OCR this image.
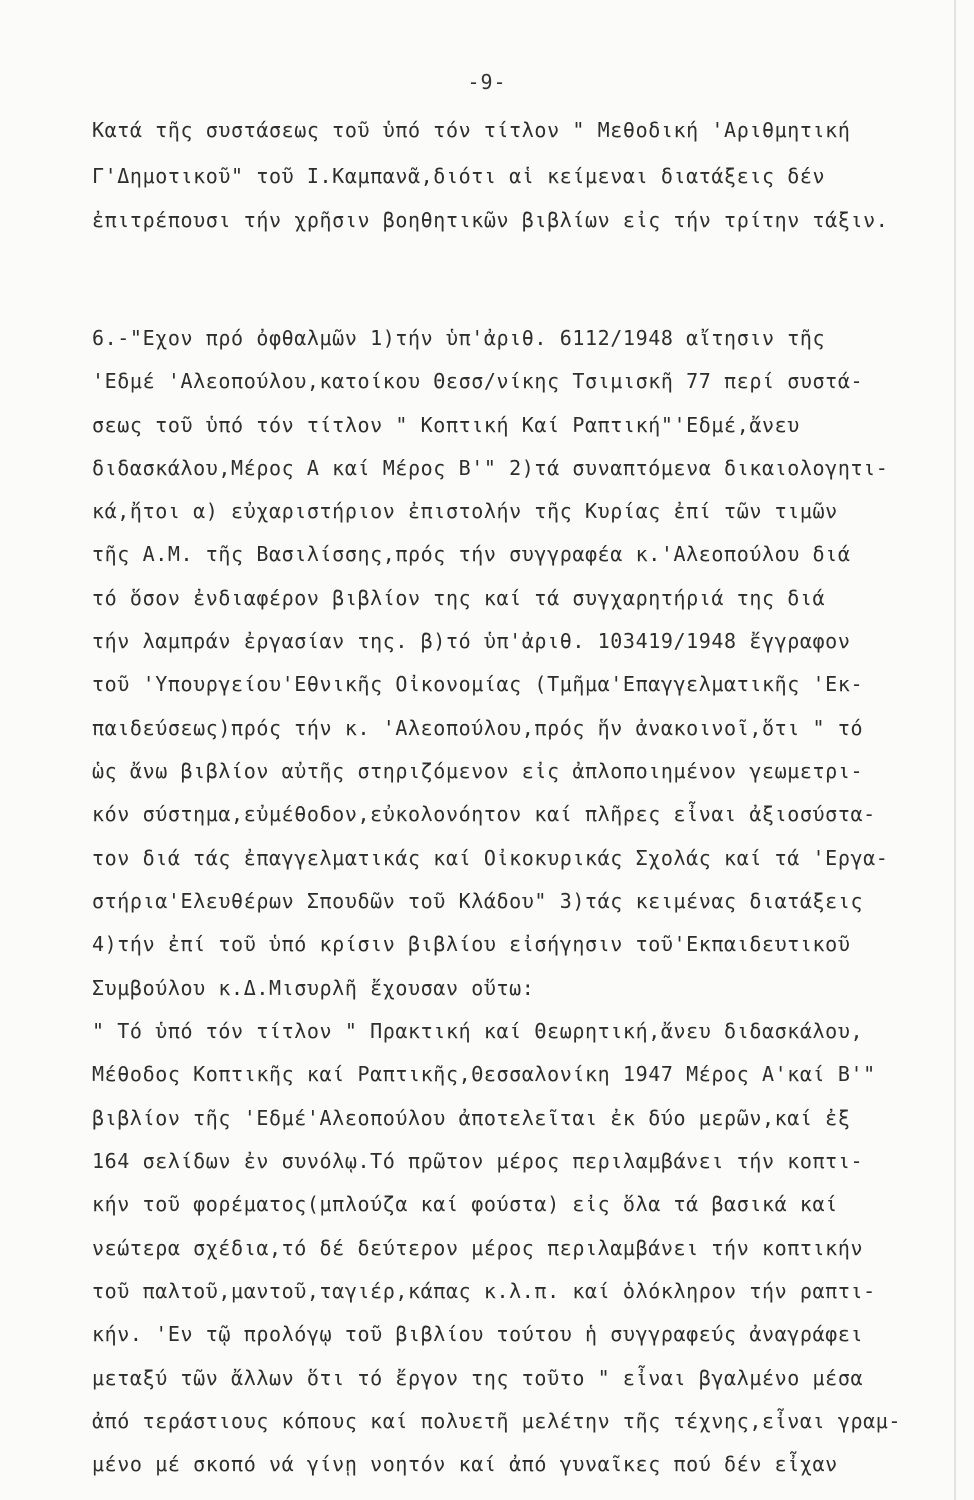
-9-
Κατά τῆς συστάσεως τοῦ ὑπό τόν τίτλον " Μεθοδική 'Αριθμητική
Γ'Δημοτικοῦ" τοῦ Ι.Καμπανᾶ,διότι αἱ κείμεναι διατάξεις δέν
ἐπιτρέπουσι τήν χρῆσιν βοηθητικῶν βιβλίων εἰς τήν τρίτην τάξιν.
6.-"Εχον πρό ὀφθαλμῶν 1)τήν ὑπ'ἀριθ. 6112/1948 αἴτησιν τῆς
'Εδμέ 'Αλεοπούλου,κατοίκου Θεσσ/νίκης Τσιμισκῆ 77 περί συστά-
σεως τοῦ ὑπό τόν τίτλον " Κοπτική Καί Ραπτική"'Εδμέ,ἄνευ
διδασκάλου,Μέρος Α καί Μέρος Β'" 2)τά συναπτόμενα δικαιολογητι-
κά,ἤτοι α) εὐχαριστήριον ἐπιστολήν τῆς Κυρίας ἐπί τῶν τιμῶν
τῆς Α.Μ. τῆς Βασιλίσσης,πρός τήν συγγραφέα κ.'Αλεοπούλου διά
τό ὅσον ἐνδιαφέρον βιβλίον της καί τά συγχαρητήριά της διά
τήν λαμπράν ἐργασίαν της. β)τό ὑπ'ἀριθ. 103419/1948 ἔγγραφον
τοῦ 'Υπουργείου'Εθνικῆς Οἰκονομίας (Τμῆμα'Επαγγελματικῆς 'Εκ-
παιδεύσεως)πρός τήν κ. 'Αλεοπούλου,πρός ἥν ἀνακοινοῖ,ὅτι " τό
ὡς ἄνω βιβλίον αὐτῆς στηριζόμενον εἰς ἀπλοποιημένον γεωμετρι-
κόν σύστημα,εὐμέθοδον,εὐκολονόητον καί πλῆρες εἶναι ἀξιοσύστα-
τον διά τάς ἐπαγγελματικάς καί Οἰκοκυρικάς Σχολάς καί τά 'Εργα-
στήρια'Ελευθέρων Σπουδῶν τοῦ Κλάδου" 3)τάς κειμένας διατάξεις
4)τήν ἐπί τοῦ ὑπό κρίσιν βιβλίου εἰσήγησιν τοῦ'Εκπαιδευτικοῦ
Συμβούλου κ.Δ.Μισυρλῆ ἔχουσαν οὕτω:
" Τό ὑπό τόν τίτλον " Πρακτική καί Θεωρητική,ἄνευ διδασκάλου,
Μέθοδος Κοπτικῆς καί Ραπτικῆς,Θεσσαλονίκη 1947 Μέρος Α'καί Β'"
βιβλίον τῆς 'Εδμέ'Αλεοπούλου ἀποτελεῖται ἐκ δύο μερῶν,καί ἐξ
164 σελίδων ἐν συνόλῳ.Τό πρῶτον μέρος περιλαμβάνει τήν κοπτι-
κήν τοῦ φορέματος(μπλούζα καί φούστα) εἰς ὅλα τά βασικά καί
νεώτερα σχέδια,τό δέ δεύτερον μέρος περιλαμβάνει τήν κοπτικήν
τοῦ παλτοῦ,μαντοῦ,ταγιέρ,κάπας κ.λ.π. καί ὁλόκληρον τήν ραπτι-
κήν. 'Εν τῷ προλόγῳ τοῦ βιβλίου τούτου ἡ συγγραφεύς ἀναγράφει
μεταξύ τῶν ἄλλων ὅτι τό ἔργον της τοῦτο " εἶναι βγαλμένο μέσα
ἀπό τεράστιους κόπους καί πολυετῆ μελέτην τῆς τέχνης,εἶναι γραμ-
μένο μέ σκοπό νά γίνῃ νοητόν καί ἀπό γυναῖκες πού δέν εἶχαν
